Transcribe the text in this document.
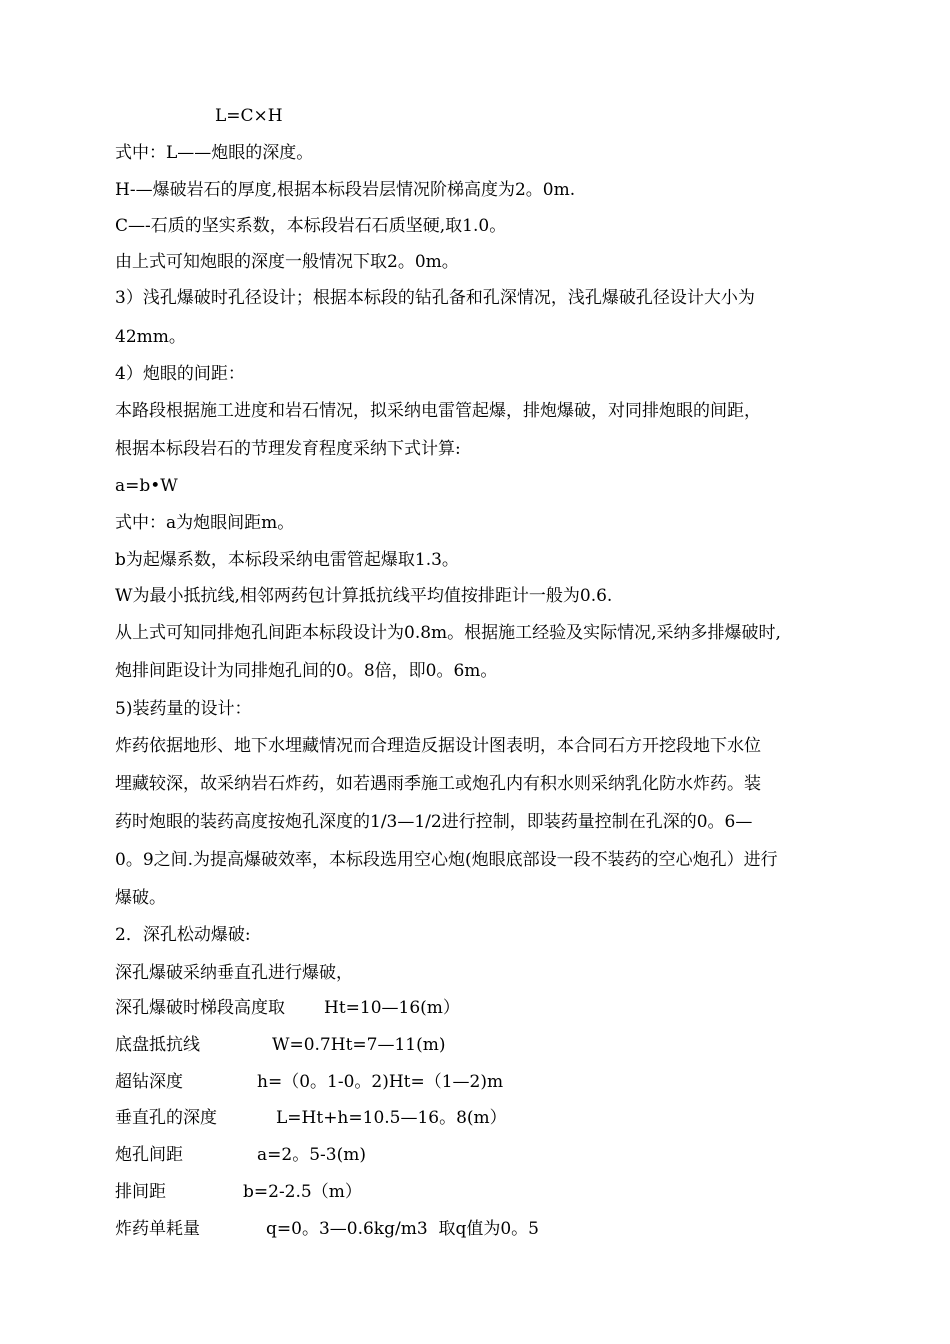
L=C×H
式中：L——炮眼的深度。
H-—爆破岩石的厚度,根据本标段岩层情况阶梯高度为2。0m.
C—-石质的坚实系数，本标段岩石石质坚硬,取1.0。
由上式可知炮眼的深度一般情况下取2。0m。
3）浅孔爆破时孔径设计；根据本标段的钻孔备和孔深情况，浅孔爆破孔径设计大小为
42mm。
4）炮眼的间距：
本路段根据施工进度和岩石情况，拟采纳电雷管起爆，排炮爆破，对同排炮眼的间距，
根据本标段岩石的节理发育程度采纳下式计算:
a=b•W
式中：a为炮眼间距m。
b为起爆系数，本标段采纳电雷管起爆取1.3。
W为最小抵抗线,相邻两药包计算抵抗线平均值按排距计一般为0.6.
从上式可知同排炮孔间距本标段设计为0.8m。根据施工经验及实际情况,采纳多排爆破时,
炮排间距设计为同排炮孔间的0。8倍，即0。6m。
5)装药量的设计：
炸药依据地形、地下水埋藏情况而合理造反据设计图表明，本合同石方开挖段地下水位
埋藏较深，故采纳岩石炸药，如若遇雨季施工或炮孔内有积水则采纳乳化防水炸药。装
药时炮眼的装药高度按炮孔深度的1/3—1/2进行控制，即装药量控制在孔深的0。6—
0。9之间.为提高爆破效率，本标段选用空心炮(炮眼底部设一段不装药的空心炮孔）进行
爆破。
2．深孔松动爆破:
深孔爆破采纳垂直孔进行爆破，
深孔爆破时梯段高度取 Ht=10—16(m）
底盘抵抗线	W=0.7Ht=7—11(m)
超钻深度	h=（0。1-0。2)Ht=（1—2)m
垂直孔的深度	L=Ht+h=10.5—16。8(m）
炮孔间距	a=2。5-3(m)
排间距	b=2-2.5（m）
炸药单耗量	q=0。3—0.6kg/m3  取q值为0。5
